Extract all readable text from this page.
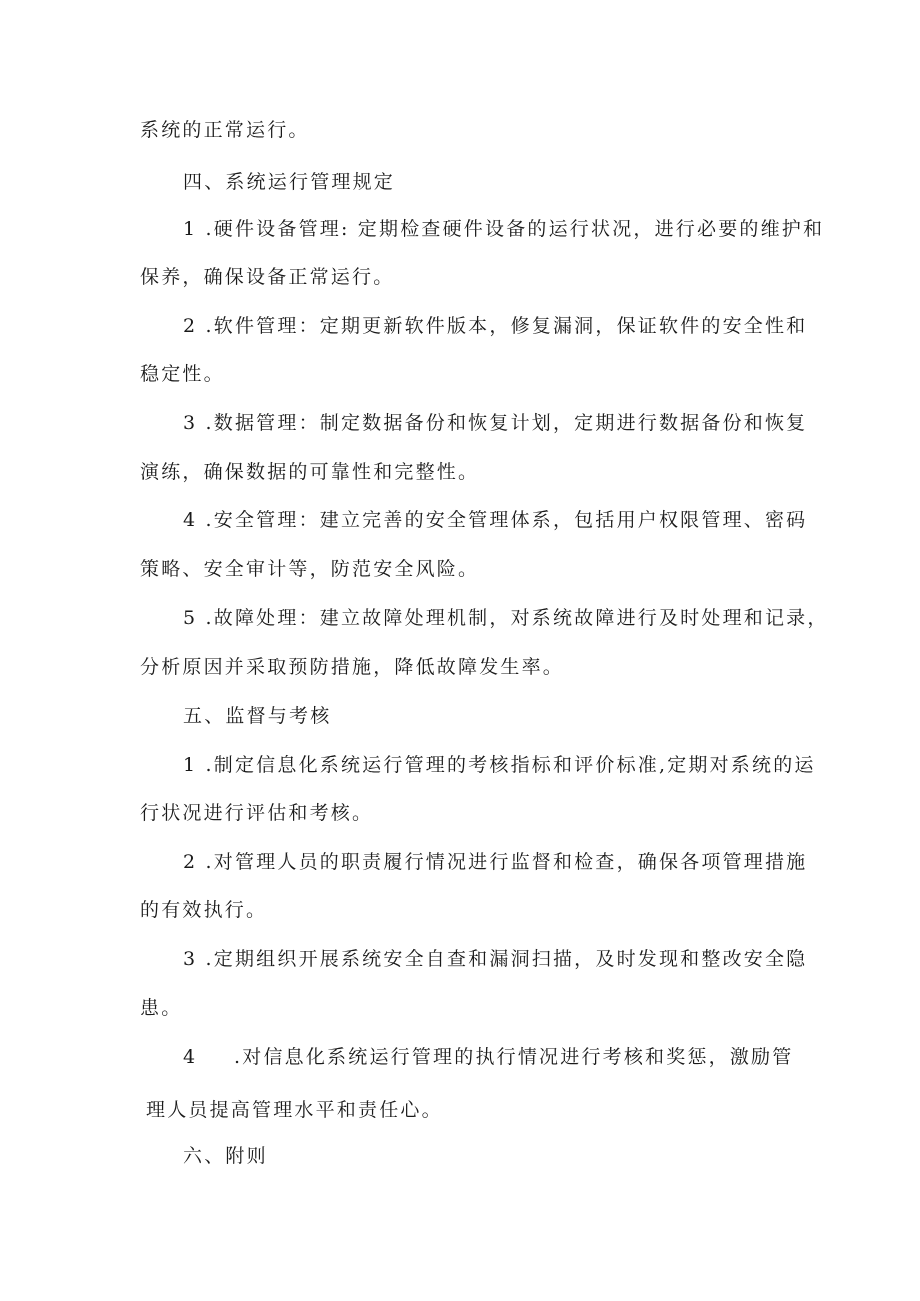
系统的正常运行。
四、系统运行管理规定
1 .硬件设备管理: 定期检查硬件设备的运行状况，进行必要的维护和
保养，确保设备正常运行。
2 .软件管理：定期更新软件版本，修复漏洞，保证软件的安全性和
稳定性。
3 .数据管理：制定数据备份和恢复计划，定期进行数据备份和恢复
演练，确保数据的可靠性和完整性。
4 .安全管理：建立完善的安全管理体系，包括用户权限管理、密码
策略、安全审计等，防范安全风险。
5 .故障处理：建立故障处理机制，对系统故障进行及时处理和记录，
分析原因并采取预防措施，降低故障发生率。
五、监督与考核
1 .制定信息化系统运行管理的考核指标和评价标准,定期对系统的运
行状况进行评估和考核。
2 .对管理人员的职责履行情况进行监督和检查，确保各项管理措施
的有效执行。
3 .定期组织开展系统安全自查和漏洞扫描，及时发现和整改安全隐
患。
4 .对信息化系统运行管理的执行情况进行考核和奖惩，激励管
理人员提高管理水平和责任心。
六、附则
